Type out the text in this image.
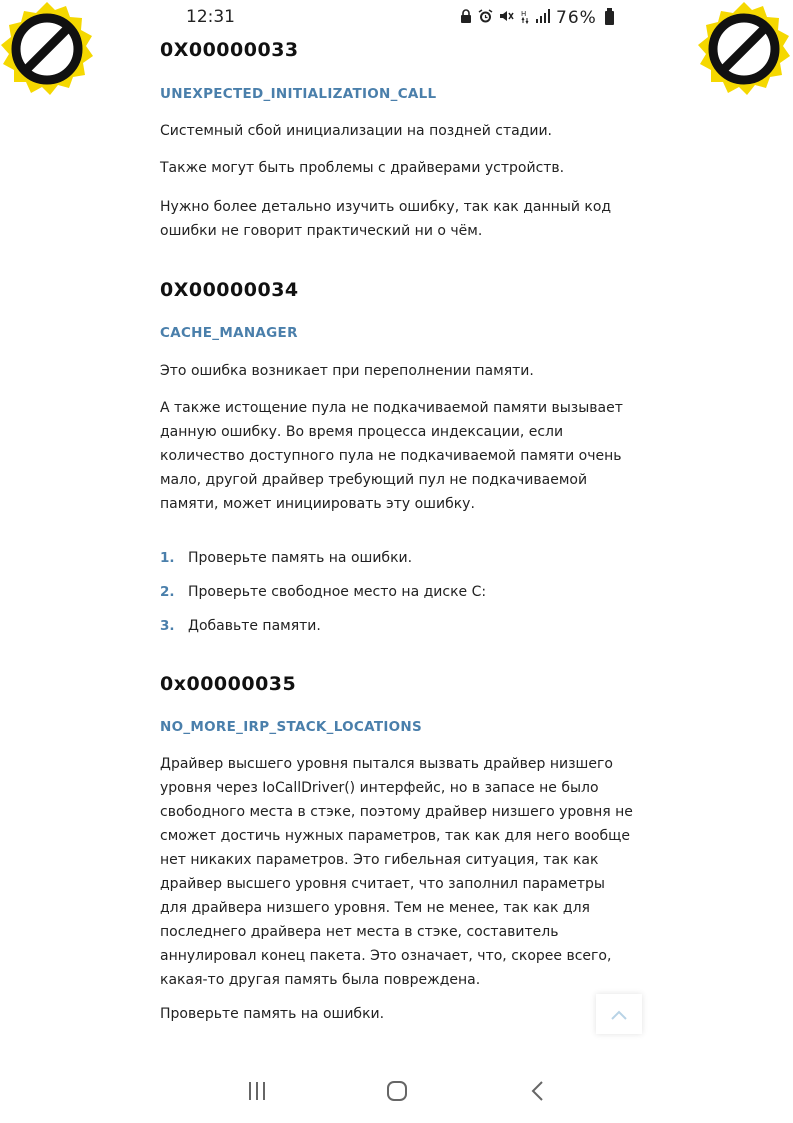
12:31	H 76%
0X00000033
UNEXPECTED_INITIALIZATION_CALL

Системный сбой инициализации на поздней стадии.

Также могут быть проблемы с драйверами устройств.

Нужно более детально изучить ошибку, так как данный код ошибки не говорит практический ни о чём.

0X00000034
CACHE_MANAGER

Это ошибка возникает при переполнении памяти.

А также истощение пула не подкачиваемой памяти вызывает данную ошибку. Во время процесса индексации, если количество доступного пула не подкачиваемой памяти очень мало, другой драйвер требующий пул не подкачиваемой памяти, может инициировать эту ошибку.

1. Проверьте память на ошибки.
2. Проверьте свободное место на диске С:
3. Добавьте памяти.
0x00000035
NO_MORE_IRP_STACK_LOCATIONS

Драйвер высшего уровня пытался вызвать драйвер низшего уровня через IoCallDriver() интерфейс, но в запасе не было свободного места в стэке, поэтому драйвер низшего уровня не сможет достичь нужных параметров, так как для него вообще нет никаких параметров. Это гибельная ситуация, так как драйвер высшего уровня считает, что заполнил параметры для драйвера низшего уровня. Тем не менее, так как для последнего драйвера нет места в стэке, составитель аннулировал конец пакета. Это означает, что, скорее всего, какая-то другая память была повреждена.

Проверьте память на ошибки.
